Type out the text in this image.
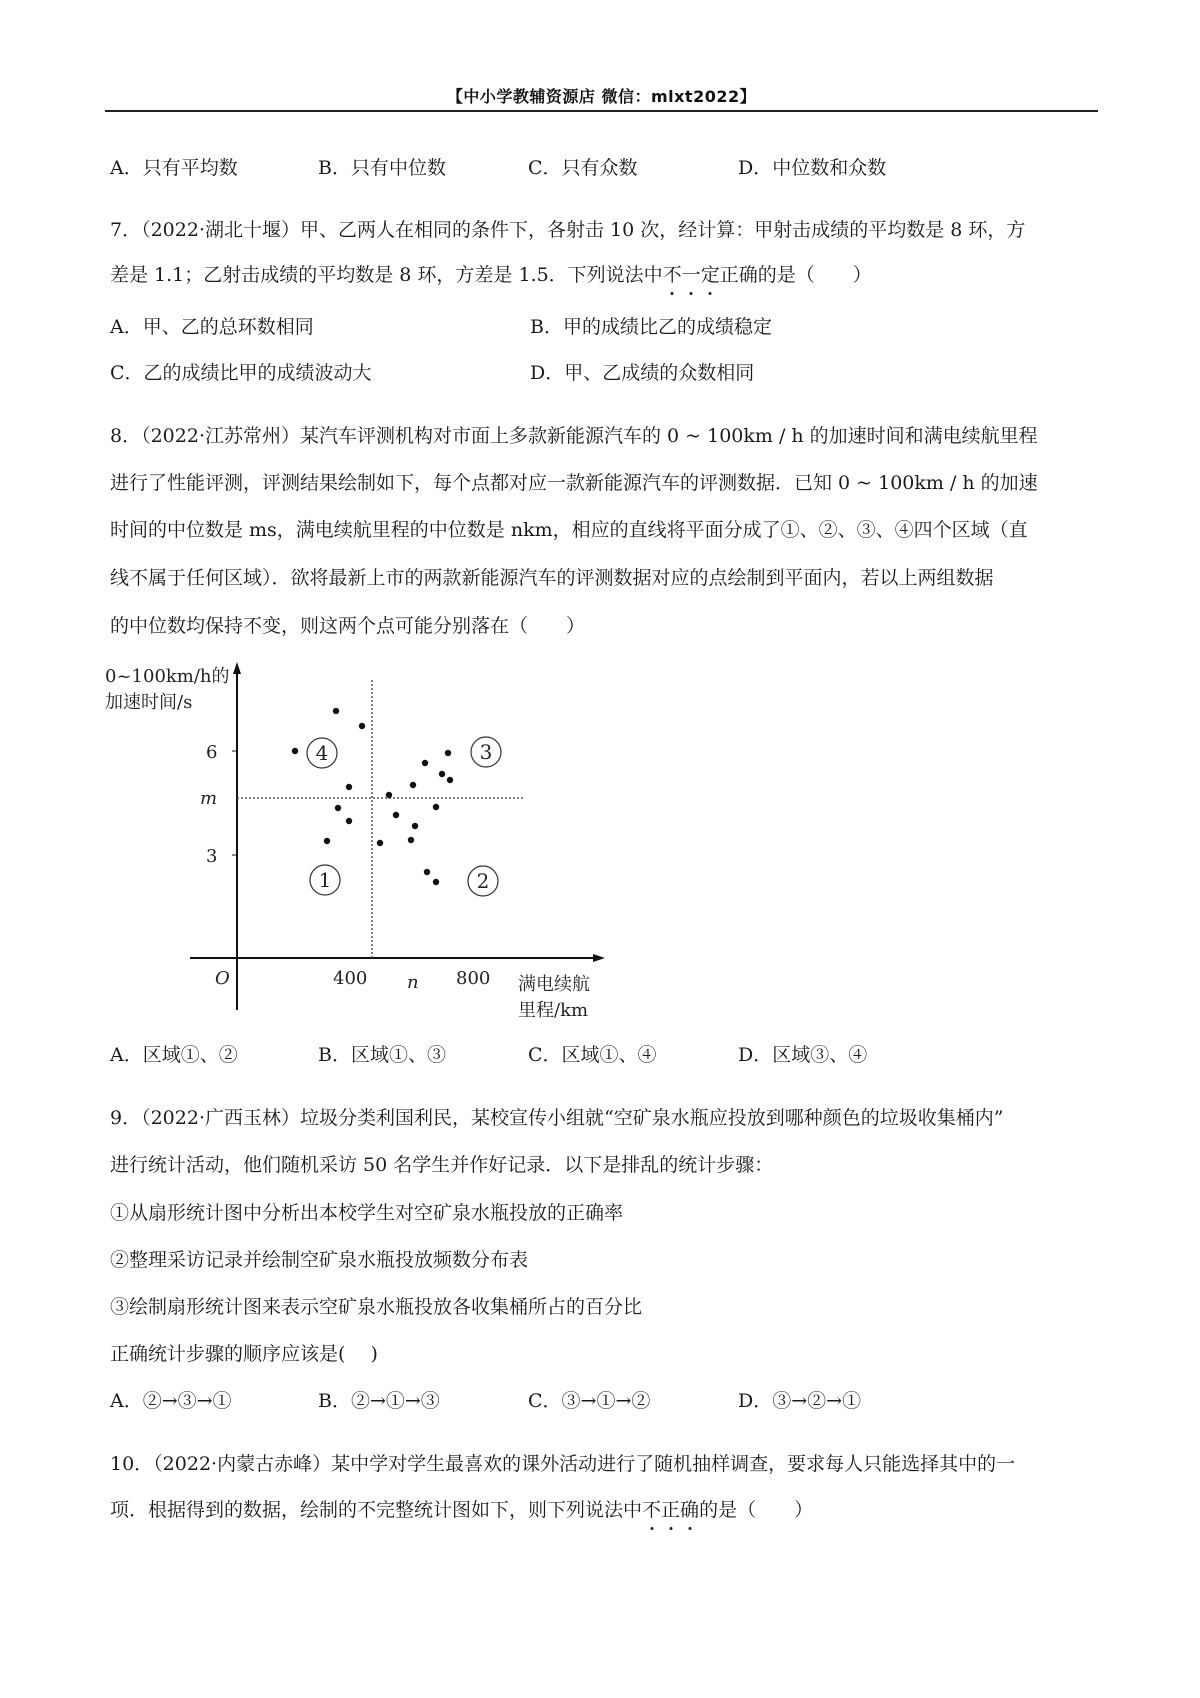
【中小学教辅资源店 微信：mlxt2022】
A．只有平均数	B．只有中位数	C．只有众数	D．中位数和众数
7．（2022·湖北十堰）甲、乙两人在相同的条件下，各射击 10 次，经计算：甲射击成绩的平均数是 8 环，方
差是 1.1；乙射击成绩的平均数是 8 环，方差是 1.5．下列说法中不
一
定
正确的是（　　）
A．甲、乙的总环数相同	B．甲的成绩比乙的成绩稳定
C．乙的成绩比甲的成绩波动大	D．甲、乙成绩的众数相同
8．（2022·江苏常州）某汽车评测机构对市面上多款新能源汽车的 0 ~ 100km / h 的加速时间和满电续航里程
进行了性能评测，评测结果绘制如下，每个点都对应一款新能源汽车的评测数据．已知 0 ~ 100km / h 的加速
时间的中位数是 ms，满电续航里程的中位数是 nkm，相应的直线将平面分成了①、②、③、④四个区域（直
线不属于任何区域）．欲将最新上市的两款新能源汽车的评测数据对应的点绘制到平面内，若以上两组数据
的中位数均保持不变，则这两个点可能分别落在（　　）
0~100km/h的
加速时间/s
6
m
3
O	400 n 800 满电续航
里程/km
4	3
1	2
A．区域①、②	B．区域①、③	C．区域①、④	D．区域③、④
9．（2022·广西玉林）垃圾分类利国利民，某校宣传小组就“空矿泉水瓶应投放到哪种颜色的垃圾收集桶内”
进行统计活动，他们随机采访 50 名学生并作好记录．以下是排乱的统计步骤：
①从扇形统计图中分析出本校学生对空矿泉水瓶投放的正确率
②整理采访记录并绘制空矿泉水瓶投放频数分布表
③绘制扇形统计图来表示空矿泉水瓶投放各收集桶所占的百分比
正确统计步骤的顺序应该是(　 )
A．②→③→①	B．②→①→③	C．③→①→②	D．③→②→①
10．（2022·内蒙古赤峰）某中学对学生最喜欢的课外活动进行了随机抽样调查，要求每人只能选择其中的一
项．根据得到的数据，绘制的不完整统计图如下，则下列说法中不
正
确
的是（　　）
